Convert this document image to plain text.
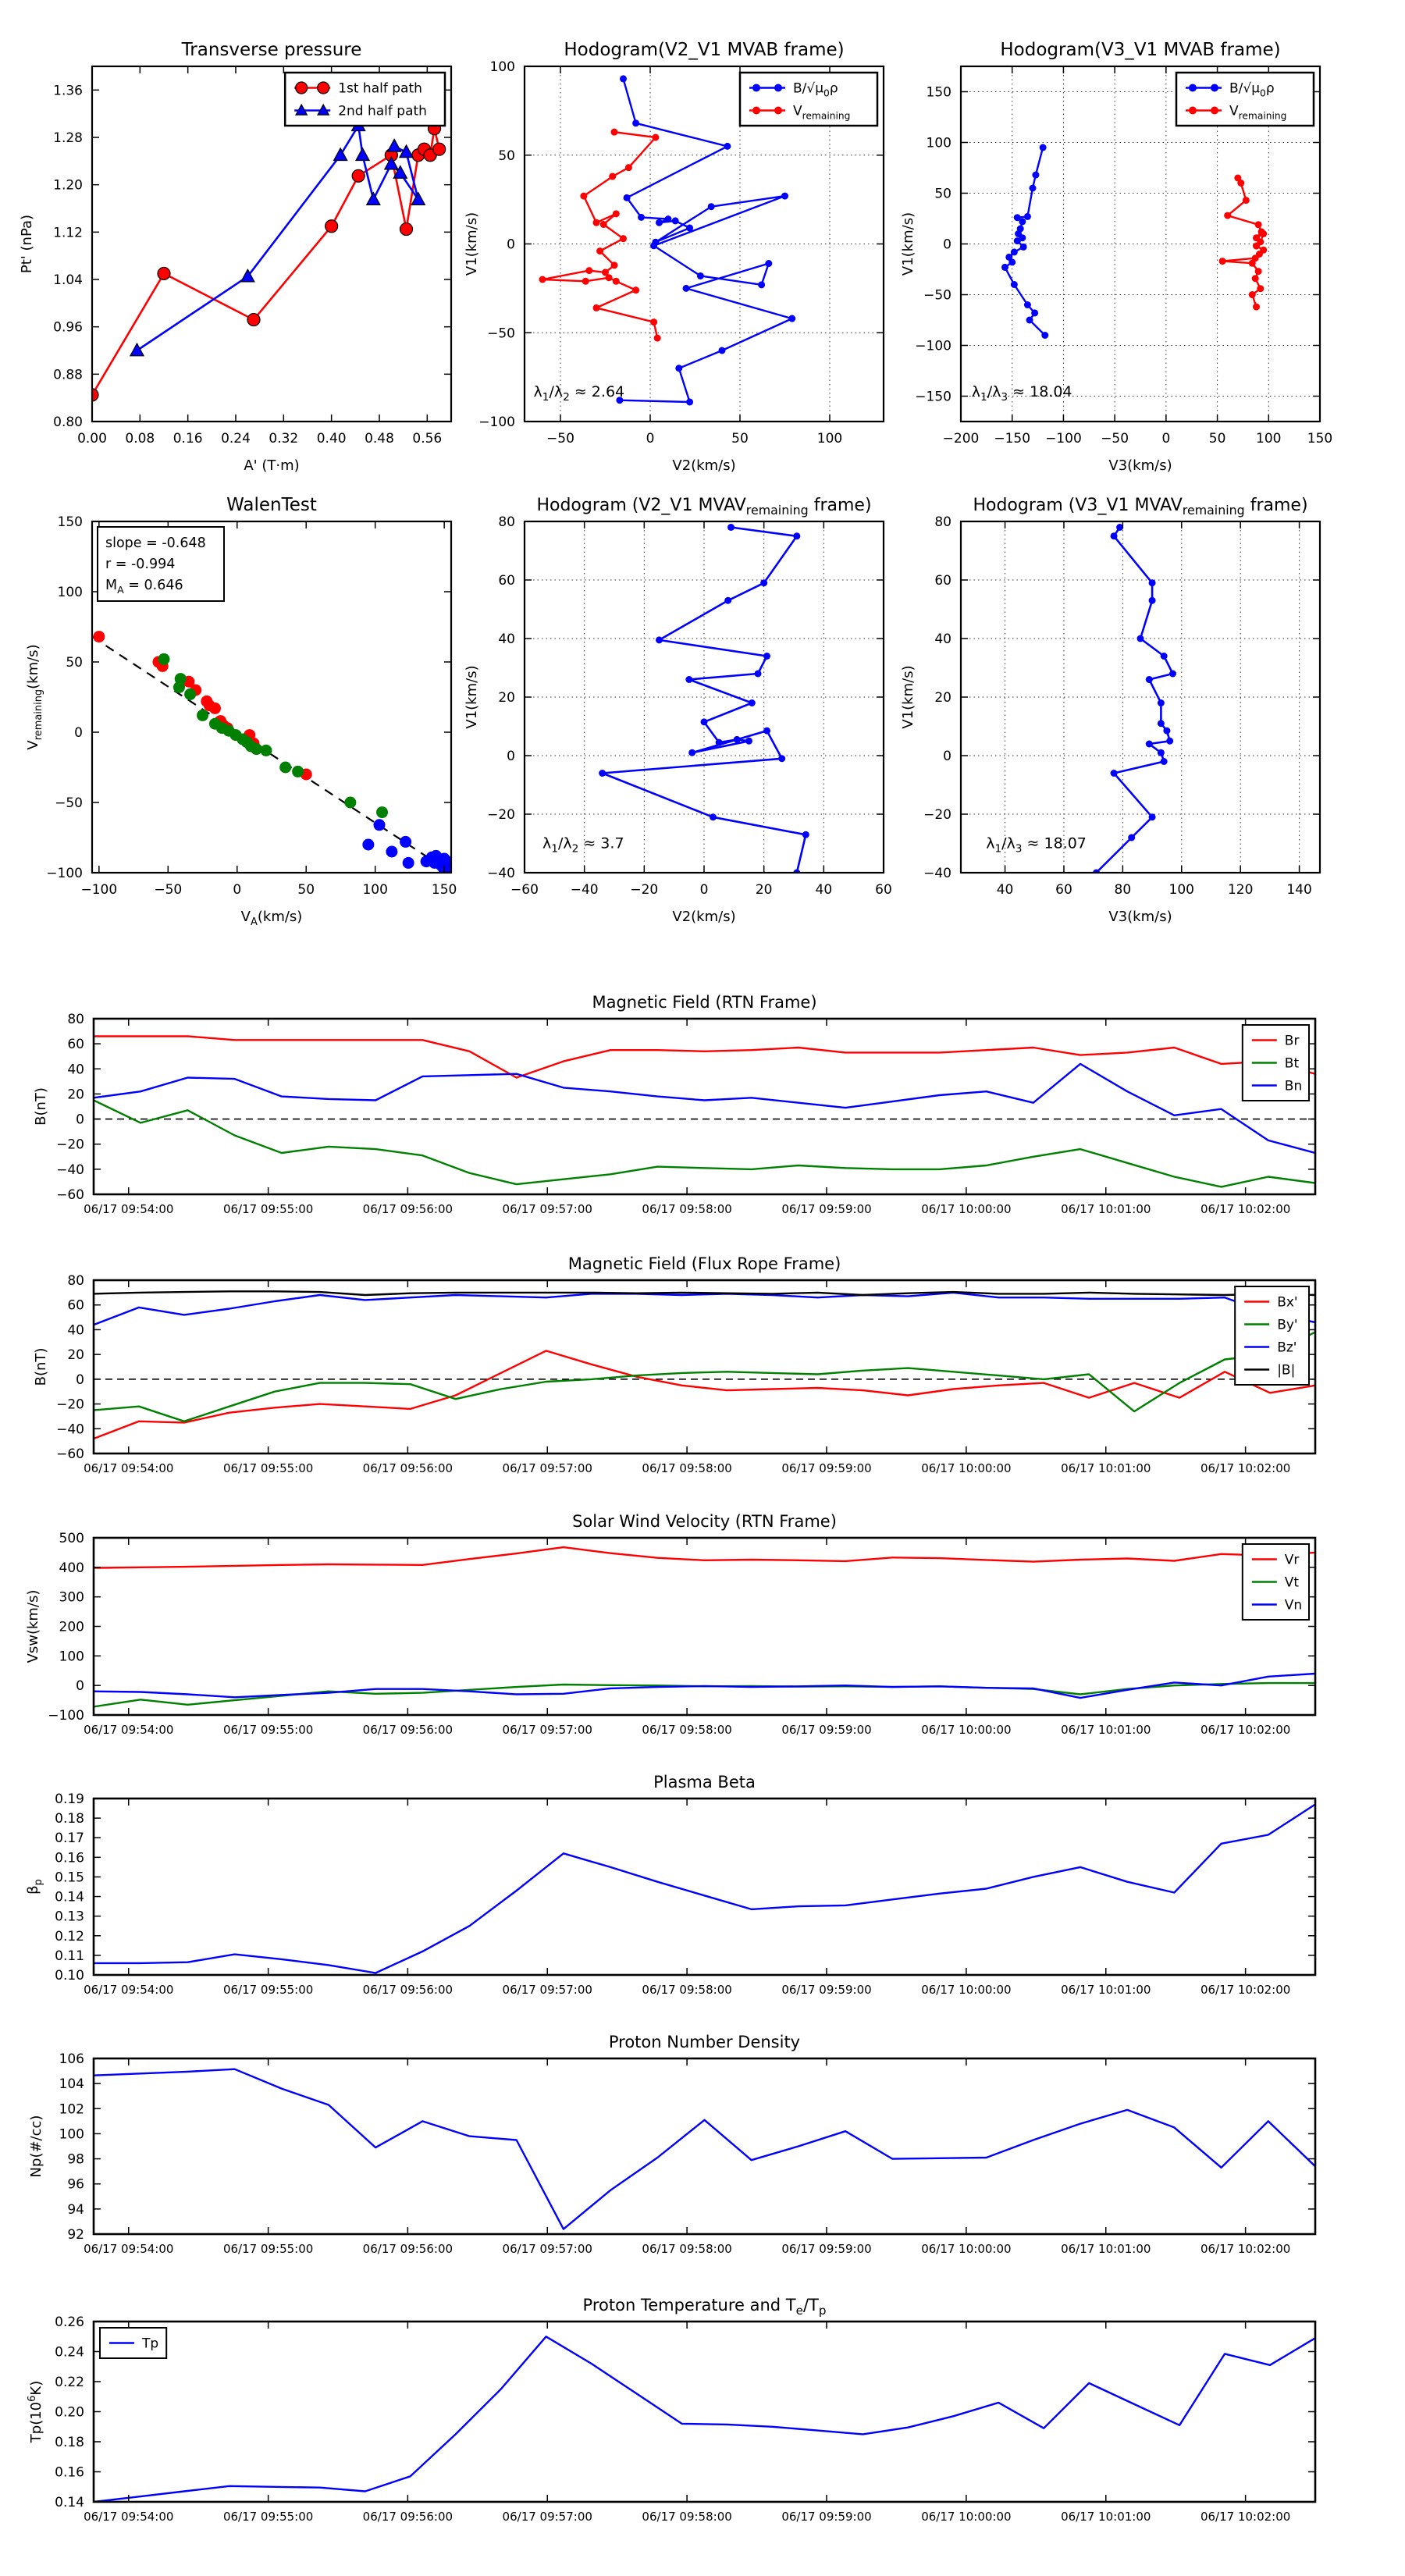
0.00 0.08 0.16 0.24 0.32 0.40 0.48 0.56
0.80
0.88
0.96
1.04
1.12
1.20
1.28
1.36
Transverse pressure
A' (T·m)
Pt' (nPa)
1st half path
2nd half path
−50	0	50	100
−100
−50
0
50
100
Hodogram(V2_V1 MVAB frame)
V2(km/s)
V1(km/s)
$\lambda_1/\lambda_2 \approx 2.64$
$B/√\mu_0\rho$
$V_{remaining}$
−200 −150 −100 −50 0	50 100 150
−150
−100
−50
0
50
100
150
Hodogram(V3_V1 MVAB frame)
V3(km/s)
V1(km/s)
$\lambda_1/\lambda_3 \approx 18.04$
$B/√\mu_0\rho$
$V_{remaining}$
−100	−50	0	50	100	150
−100
−50
0
50
100
150
WalenTest
$V_A(km/s)$
$V_{remaining}(km/s)$
slope = -0.648
r = -0.994
$M_A = 0.646$
−60 −40 −20	0	20	40	60
−40
−20
0
20
40
60
80
Hodogram (V2_V1 $MVAV_{remaining}$ frame)
V2(km/s)
V1(km/s)
$\lambda_1/\lambda_2 \approx 3.7$
40	60	80	100	120	140
−40
−20
0
20
40
60
80
Hodogram (V3_V1 $MVAV_{remaining}$ frame)
V3(km/s)
V1(km/s)
$\lambda_1/\lambda_3 \approx 18.07$
06/17 09:54:00	06/17 09:55:00	06/17 09:56:00	06/17 09:57:00	06/17 09:58:00	06/17 09:59:00	06/17 10:00:00	06/17 10:01:00	06/17 10:02:00
−60
−40
−20
0
20
40
60
80
Magnetic Field (RTN Frame)
B(nT)
Br
Bt
Bn
06/17 09:54:00	06/17 09:55:00	06/17 09:56:00	06/17 09:57:00	06/17 09:58:00	06/17 09:59:00	06/17 10:00:00	06/17 10:01:00	06/17 10:02:00
−60
−40
−20
0
20
40
60
80
Magnetic Field (Flux Rope Frame)
B(nT)
Bx'
By'
Bz'
|B|
06/17 09:54:00	06/17 09:55:00	06/17 09:56:00	06/17 09:57:00	06/17 09:58:00	06/17 09:59:00	06/17 10:00:00	06/17 10:01:00	06/17 10:02:00
−100
0
100
200
300
400
500
Solar Wind Velocity (RTN Frame)
Vsw(km/s)
Vr
Vt
Vn
06/17 09:54:00	06/17 09:55:00	06/17 09:56:00	06/17 09:57:00	06/17 09:58:00	06/17 09:59:00	06/17 10:00:00	06/17 10:01:00	06/17 10:02:00
0.10
0.11
0.12
0.13
0.14
0.15
0.16
0.17
0.18
0.19
Plasma Beta
$\beta_p$
06/17 09:54:00	06/17 09:55:00	06/17 09:56:00	06/17 09:57:00	06/17 09:58:00	06/17 09:59:00	06/17 10:00:00	06/17 10:01:00	06/17 10:02:00
92
94
96
98
100
102
104
106
Proton Number Density
Np(#/cc)
06/17 09:54:00	06/17 09:55:00	06/17 09:56:00	06/17 09:57:00	06/17 09:58:00	06/17 09:59:00	06/17 10:00:00	06/17 10:01:00	06/17 10:02:00
0.14
0.16
0.18
0.20
0.22
0.24
0.26
Proton Temperature and $T_e/T_p$
$Tp(10^6K)$
Tp
